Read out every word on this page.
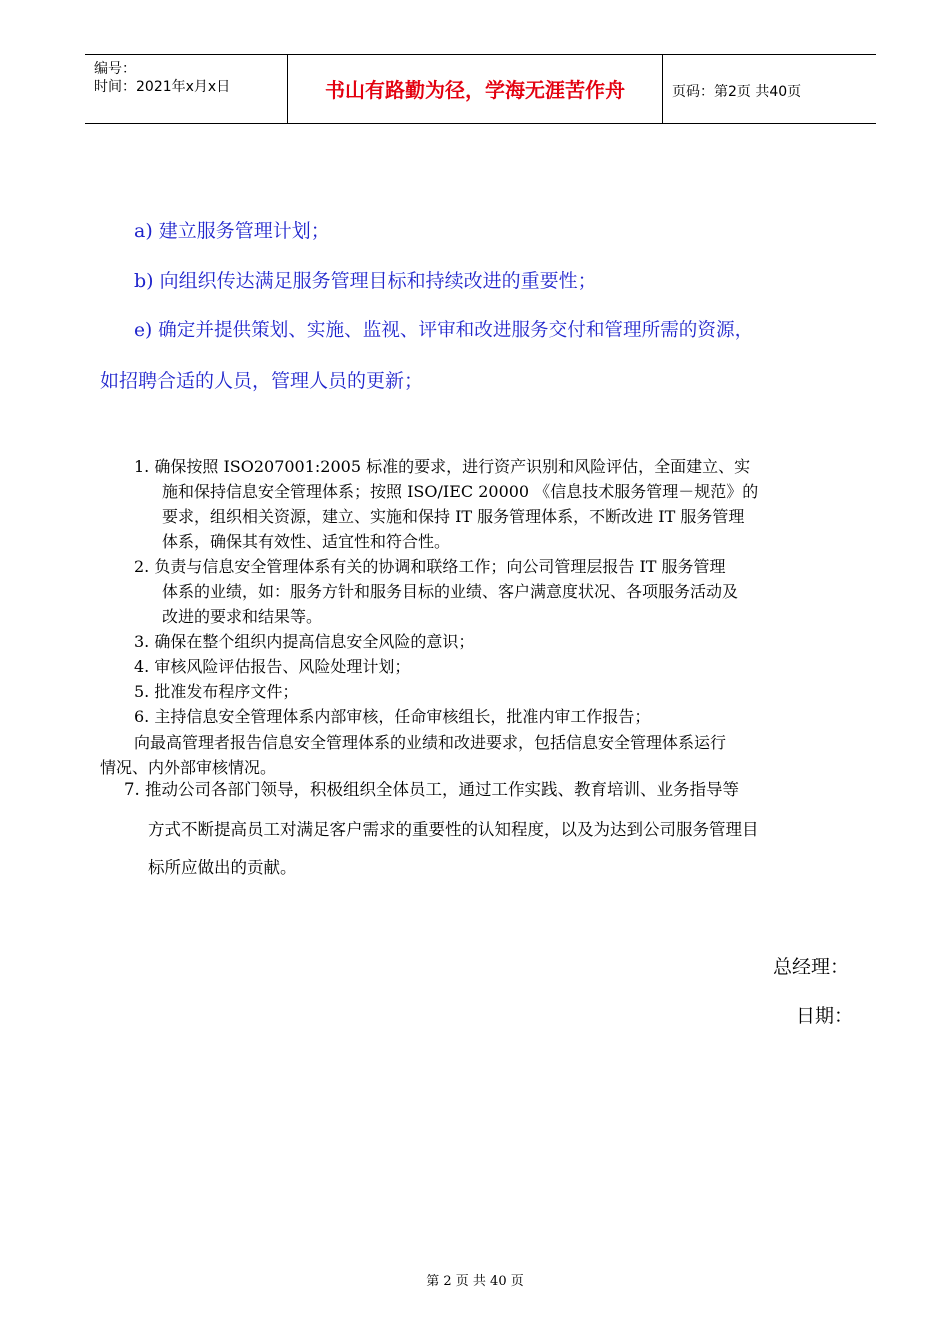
编号：
时间：2021年x月x日	书山有路勤为径，学海无涯苦作舟	页码：第2页 共40页
a) 建立服务管理计划；
b) 向组织传达满足服务管理目标和持续改进的重要性；
e) 确定并提供策划、实施、监视、评审和改进服务交付和管理所需的资源，
如招聘合适的人员，管理人员的更新；
1. 确保按照 ISO207001:2005 标准的要求，进行资产识别和风险评估，全面建立、实
施和保持信息安全管理体系；按照 ISO/IEC 20000 《信息技术服务管理－规范》的
要求，组织相关资源，建立、实施和保持 IT 服务管理体系，不断改进 IT 服务管理
体系，确保其有效性、适宜性和符合性。
2. 负责与信息安全管理体系有关的协调和联络工作；向公司管理层报告 IT 服务管理
体系的业绩，如：服务方针和服务目标的业绩、客户满意度状况、各项服务活动及
改进的要求和结果等。
3. 确保在整个组织内提高信息安全风险的意识；
4. 审核风险评估报告、风险处理计划；
5. 批准发布程序文件；
6. 主持信息安全管理体系内部审核，任命审核组长，批准内审工作报告；
向最高管理者报告信息安全管理体系的业绩和改进要求，包括信息安全管理体系运行
情况、内外部审核情况。
7. 推动公司各部门领导，积极组织全体员工，通过工作实践、教育培训、业务指导等
方式不断提高员工对满足客户需求的重要性的认知程度，以及为达到公司服务管理目
标所应做出的贡献。
总经理：
日期：
第 2 页 共 40 页
